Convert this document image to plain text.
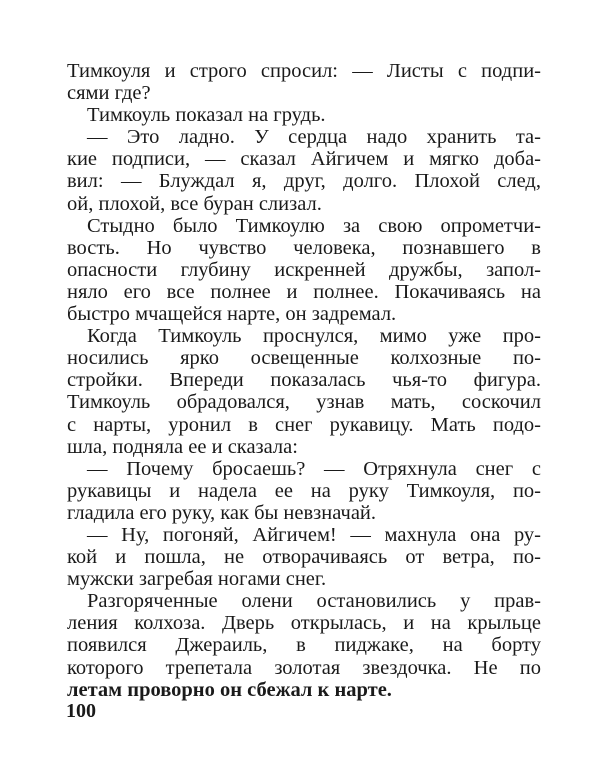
Тимкоуля и строго спросил: — Листы с подпи-
сями где?
Тимкоуль показал на грудь.
— Это ладно. У сердца надо хранить та-
кие подписи, — сказал Айгичем и мягко доба-
вил: — Блуждал я, друг, долго. Плохой след,
ой, плохой, все буран слизал.
Стыдно было Тимкоулю за свою опрометчи-
вость. Но чувство человека, познавшего в
опасности глубину искренней дружбы, запол-
няло его все полнее и полнее. Покачиваясь на
быстро мчащейся нарте, он задремал.
Когда Тимкоуль проснулся, мимо уже про-
носились ярко освещенные колхозные по-
стройки. Впереди показалась чья-то фигура.
Тимкоуль обрадовался, узнав мать, соскочил
с нарты, уронил в снег рукавицу. Мать подо-
шла, подняла ее и сказала:
— Почему бросаешь? — Отряхнула снег с
рукавицы и надела ее на руку Тимкоуля, по-
гладила его руку, как бы невзначай.
— Ну, погоняй, Айгичем! — махнула она ру-
кой и пошла, не отворачиваясь от ветра, по-
мужски загребая ногами снег.
Разгоряченные олени остановились у прав-
ления колхоза. Дверь открылась, и на крыльце
появился Джераиль, в пиджаке, на борту
которого трепетала золотая звездочка. Не по
летам проворно он сбежал к нарте.
100
